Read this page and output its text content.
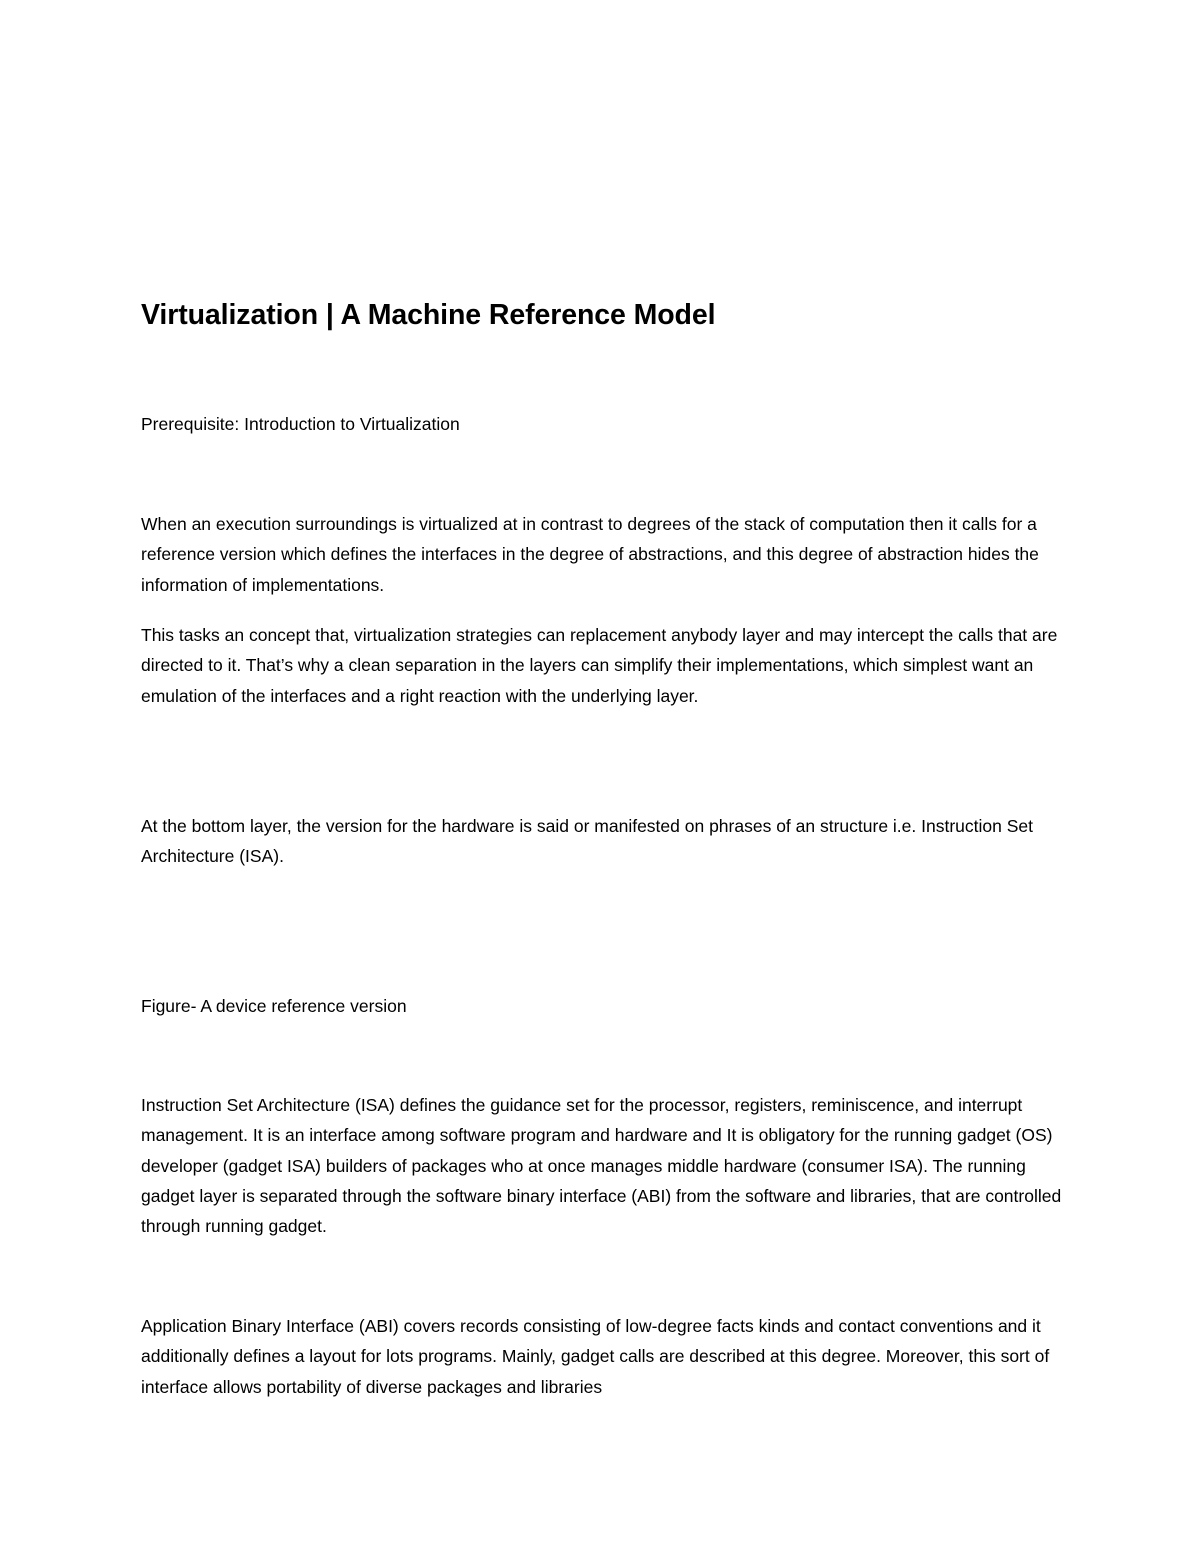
Virtualization | A Machine Reference Model

Prerequisite: Introduction to Virtualization

When an execution surroundings is virtualized at in contrast to degrees of the stack of computation then it calls for a reference version which defines the interfaces in the degree of abstractions, and this degree of abstraction hides the information of implementations.

This tasks an concept that, virtualization strategies can replacement anybody layer and may intercept the calls that are directed to it. That’s why a clean separation in the layers can simplify their implementations, which simplest want an emulation of the interfaces and a right reaction with the underlying layer.

At the bottom layer, the version for the hardware is said or manifested on phrases of an structure i.e. Instruction Set Architecture (ISA).

Figure- A device reference version

Instruction Set Architecture (ISA) defines the guidance set for the processor, registers, reminiscence, and interrupt management. It is an interface among software program and hardware and It is obligatory for the running gadget (OS) developer (gadget ISA) builders of packages who at once manages middle hardware (consumer ISA). The running gadget layer is separated through the software binary interface (ABI) from the software and libraries, that are controlled through running gadget.

Application Binary Interface (ABI) covers records consisting of low-degree facts kinds and contact conventions and it additionally defines a layout for lots programs. Mainly, gadget calls are described at this degree. Moreover, this sort of interface allows portability of diverse packages and libraries
